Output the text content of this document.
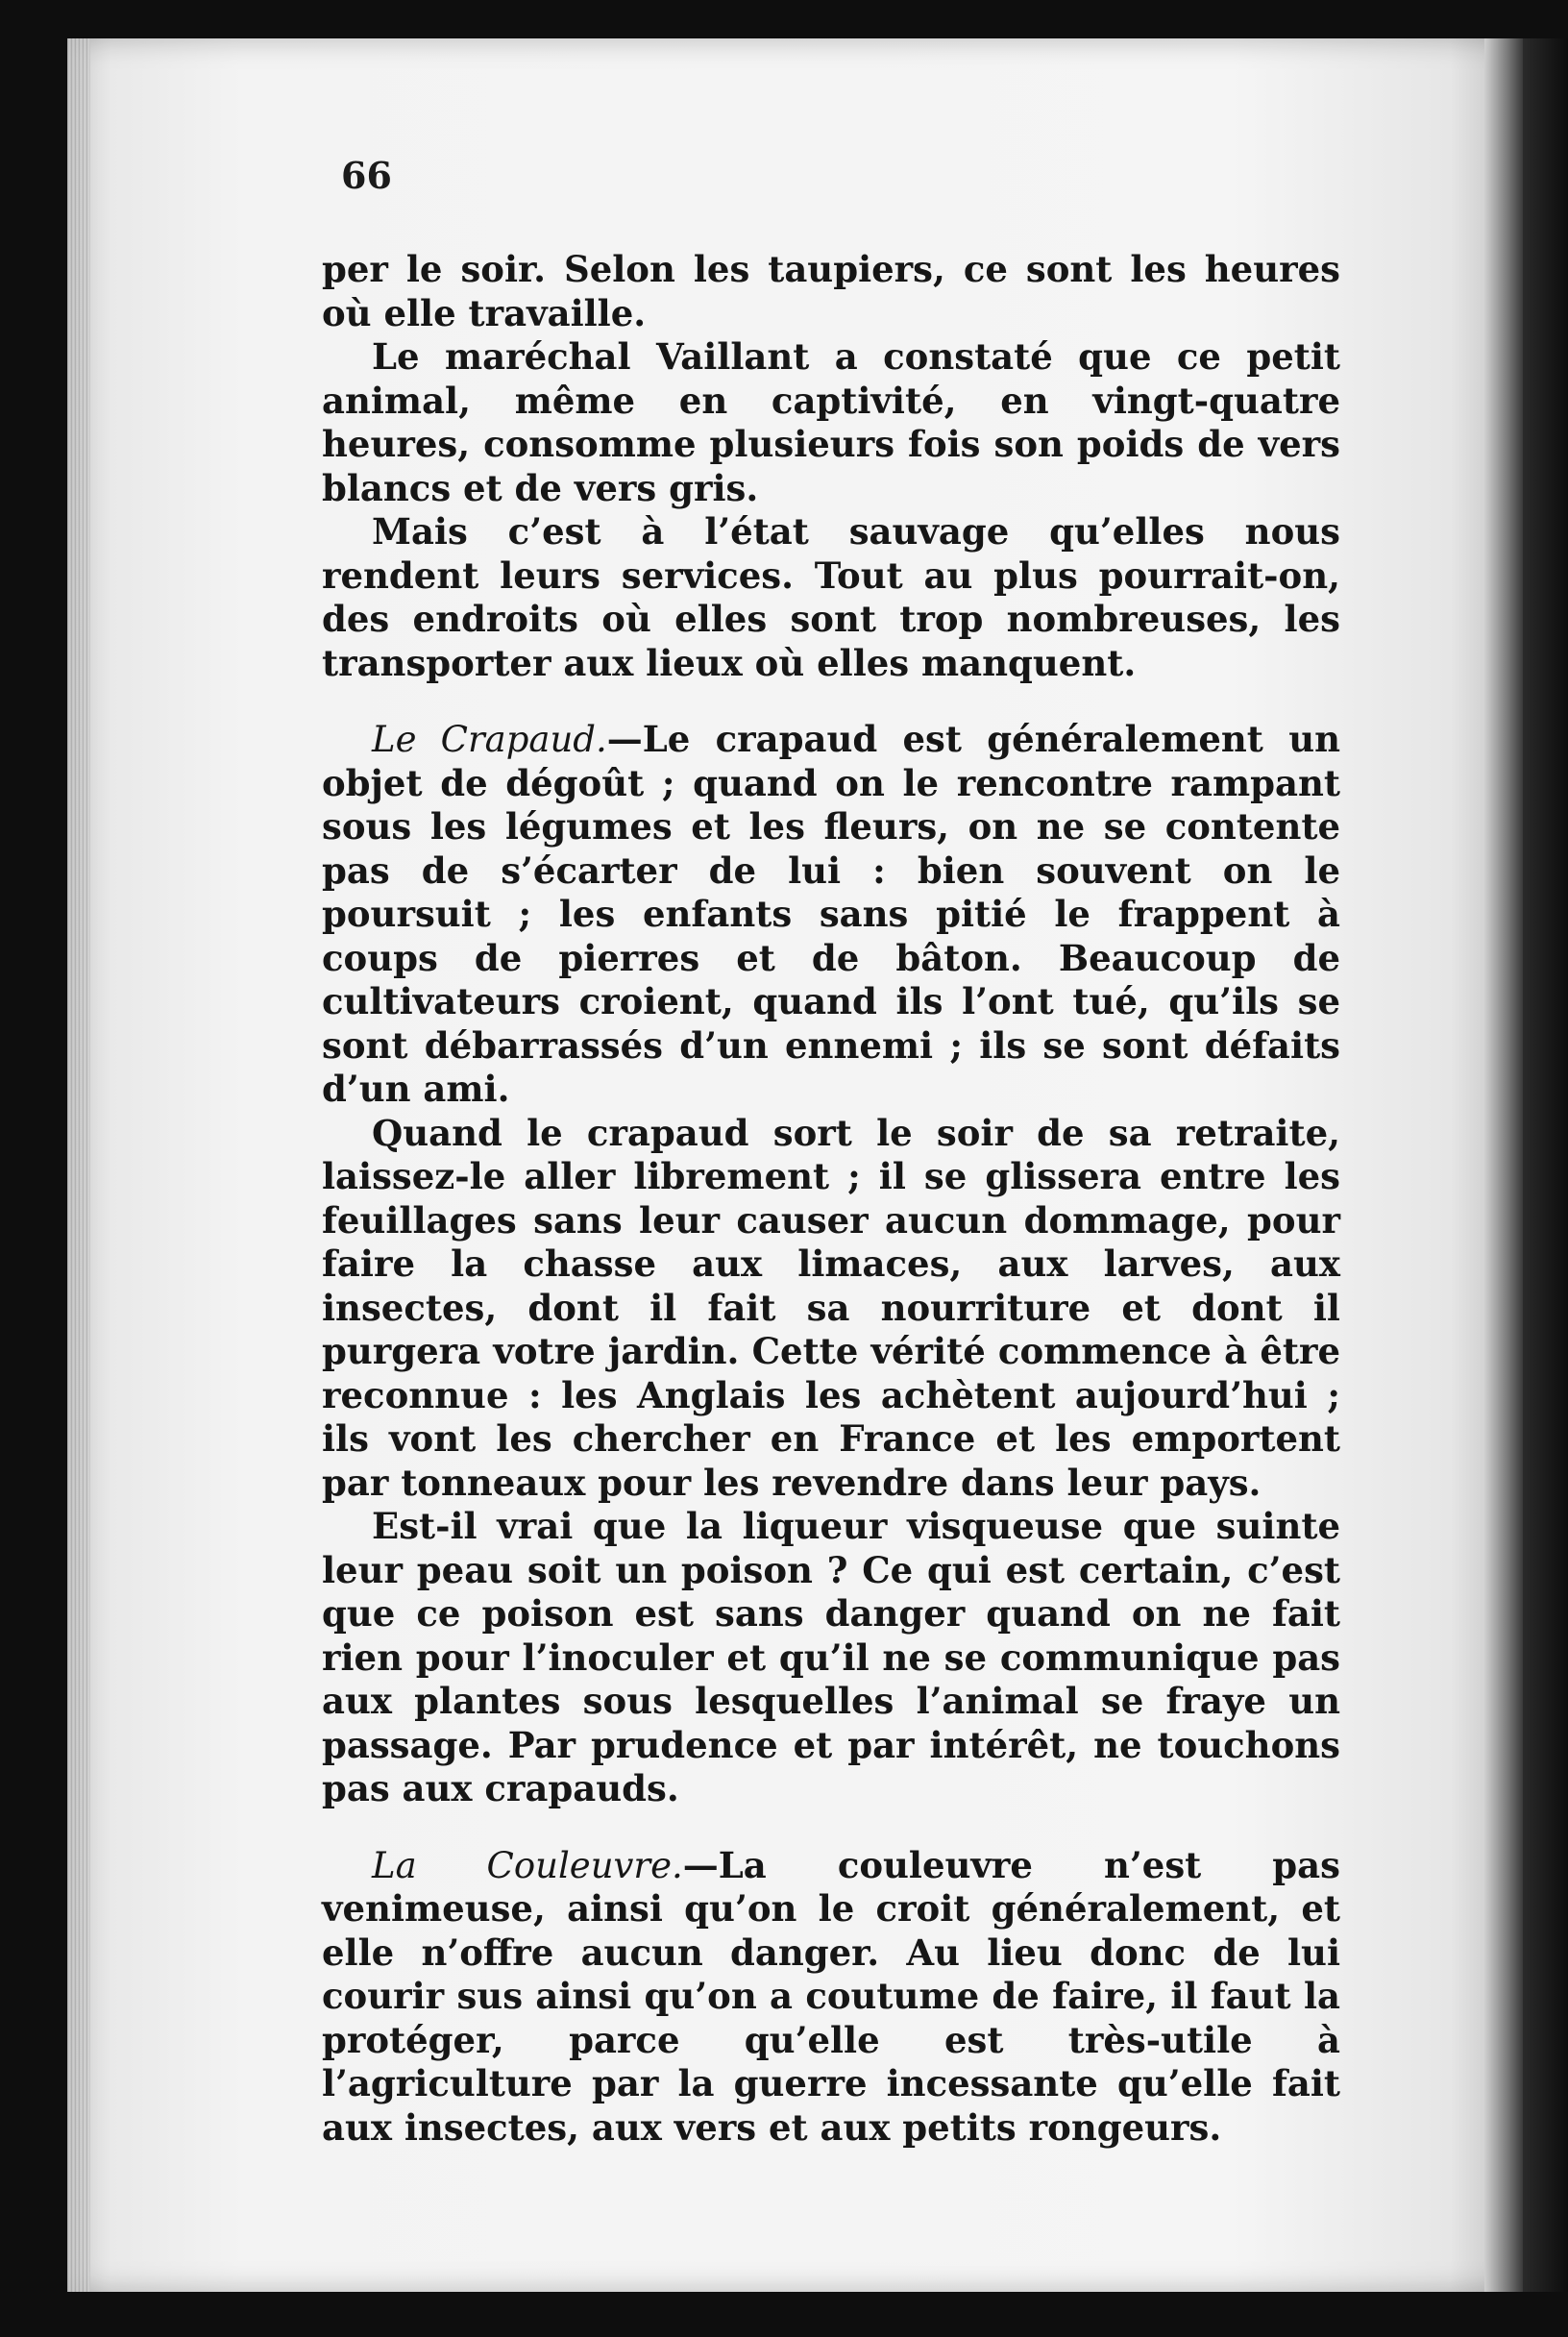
66

per le soir. Selon les taupiers, ce sont les heures où elle travaille.

Le maréchal Vaillant a constaté que ce petit animal, même en captivité, en vingt-quatre heures, consomme plusieurs fois son poids de vers blancs et de vers gris.

Mais c’est à l’état sauvage qu’elles nous rendent leurs services. Tout au plus pourrait-on, des endroits où elles sont trop nombreuses, les transporter aux lieux où elles manquent.

Le Crapaud.—Le crapaud est généralement un objet de dégoût ; quand on le rencontre rampant sous les légumes et les fleurs, on ne se contente pas de s’écarter de lui : bien souvent on le poursuit ; les enfants sans pitié le frappent à coups de pierres et de bâton. Beaucoup de cultivateurs croient, quand ils l’ont tué, qu’ils se sont débarrassés d’un ennemi ; ils se sont défaits d’un ami.

Quand le crapaud sort le soir de sa retraite, laissez-le aller librement ; il se glissera entre les feuillages sans leur causer aucun dommage, pour faire la chasse aux limaces, aux larves, aux insectes, dont il fait sa nourriture et dont il purgera votre jardin. Cette vérité commence à être reconnue : les Anglais les achètent aujourd’hui ; ils vont les chercher en France et les emportent par tonneaux pour les revendre dans leur pays.

Est-il vrai que la liqueur visqueuse que suinte leur peau soit un poison ? Ce qui est certain, c’est que ce poison est sans danger quand on ne fait rien pour l’inoculer et qu’il ne se communique pas aux plantes sous lesquelles l’animal se fraye un passage. Par prudence et par intérêt, ne touchons pas aux crapauds.

La Couleuvre.—La couleuvre n’est pas venimeuse, ainsi qu’on le croit généralement, et elle n’offre aucun danger. Au lieu donc de lui courir sus ainsi qu’on a coutume de faire, il faut la protéger, parce qu’elle est très-utile à l’agriculture par la guerre incessante qu’elle fait aux insectes, aux vers et aux petits rongeurs.
